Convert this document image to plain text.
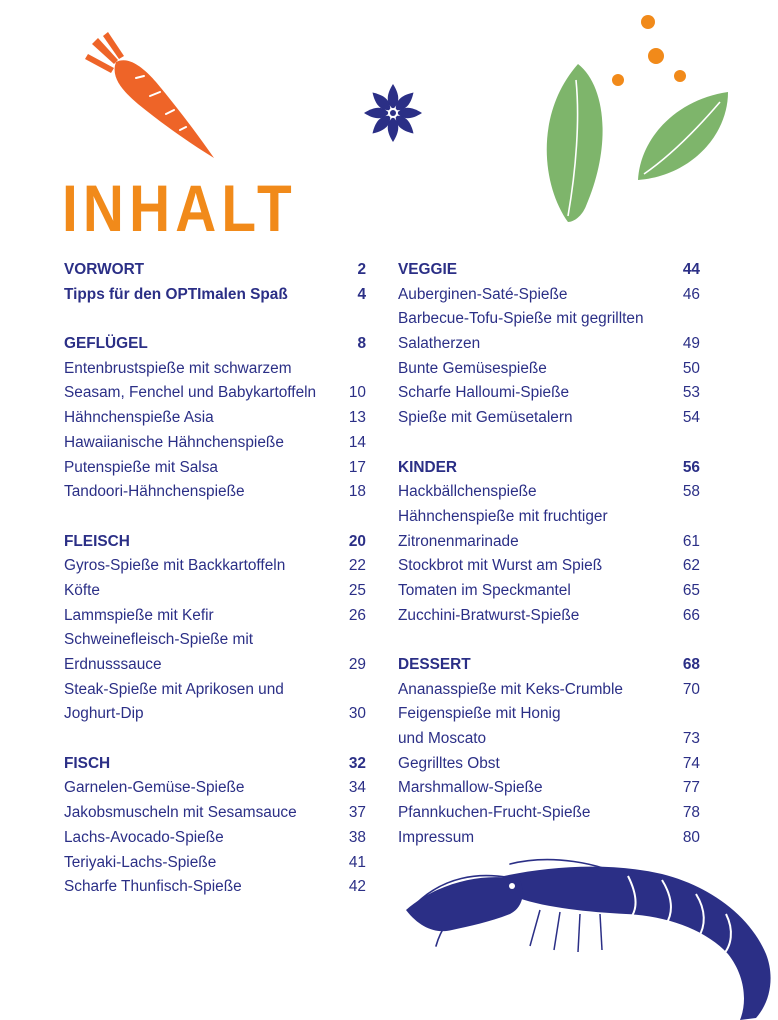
INHALT
VORWORT	2
Tipps für den OPTImalen Spaß	4
GEFLÜGEL	8
Entenbrustspieße mit schwarzem
Seasam, Fenchel und Babykartoffeln	10
Hähnchenspieße Asia	13
Hawaiianische Hähnchenspieße	14
Putenspieße mit Salsa	17
Tandoori-Hähnchenspieße	18
FLEISCH	20
Gyros-Spieße mit Backkartoffeln	22
Köfte	25
Lammspieße mit Kefir	26
Schweinefleisch-Spieße mit
Erdnusssauce	29
Steak-Spieße mit Aprikosen und
Joghurt-Dip	30
FISCH	32
Garnelen-Gemüse-Spieße	34
Jakobsmuscheln mit Sesamsauce	37
Lachs-Avocado-Spieße	38
Teriyaki-Lachs-Spieße	41
Scharfe Thunfisch-Spieße	42
VEGGIE	44
Auberginen-Saté-Spieße	46
Barbecue-Tofu-Spieße mit gegrillten
Salatherzen	49
Bunte Gemüsespieße	50
Scharfe Halloumi-Spieße	53
Spieße mit Gemüsetalern	54
KINDER	56
Hackbällchenspieße	58
Hähnchenspieße mit fruchtiger
Zitronenmarinade	61
Stockbrot mit Wurst am Spieß	62
Tomaten im Speckmantel	65
Zucchini-Bratwurst-Spieße	66
DESSERT	68
Ananasspieße mit Keks-Crumble	70
Feigenspieße mit Honig
und Moscato	73
Gegrilltes Obst	74
Marshmallow-Spieße	77
Pfannkuchen-Frucht-Spieße	78
Impressum	80
